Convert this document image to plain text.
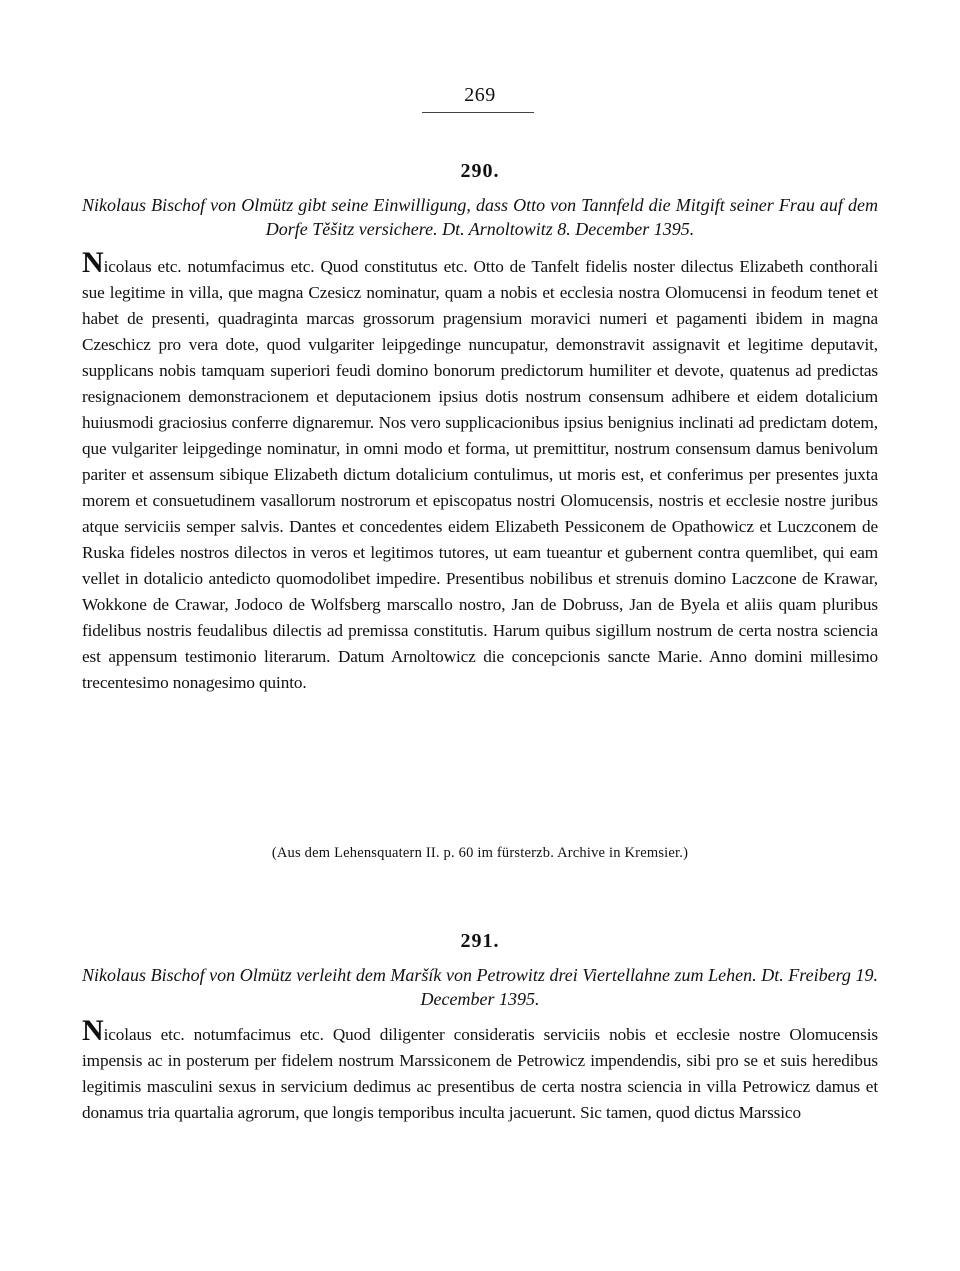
269
290.

Nikolaus Bischof von Olmütz gibt seine Einwilligung, dass Otto von Tannfeld die Mitgift seiner Frau auf dem Dorfe Těšitz versichere. Dt. Arnoltowitz 8. December 1395.

Nicolaus etc. notumfacimus etc. Quod constitutus etc. Otto de Tanfelt fidelis noster dilectus Elizabeth conthorali sue legitime in villa, que magna Czesicz nominatur, quam a nobis et ecclesia nostra Olomucensi in feodum tenet et habet de presenti, quadraginta marcas grossorum pragensium moravici numeri et pagamenti ibidem in magna Czeschicz pro vera dote, quod vulgariter leipgedinge nuncupatur, demonstravit assignavit et legitime deputavit, supplicans nobis tamquam superiori feudi domino bonorum predictorum humiliter et devote, quatenus ad predictas resignacionem demonstracionem et deputacionem ipsius dotis nostrum consensum adhibere et eidem dotalicium huiusmodi graciosius conferre dignaremur. Nos vero supplicacionibus ipsius benignius inclinati ad predictam dotem, que vulgariter leipgedinge nominatur, in omni modo et forma, ut premittitur, nostrum consensum damus benivolum pariter et assensum sibique Elizabeth dictum dotalicium contulimus, ut moris est, et conferimus per presentes juxta morem et consuetudinem vasallorum nostrorum et episcopatus nostri Olomucensis, nostris et ecclesie nostre juribus atque serviciis semper salvis. Dantes et concedentes eidem Elizabeth Pessiconem de Opathowicz et Luczconem de Ruska fideles nostros dilectos in veros et legitimos tutores, ut eam tueantur et gubernent contra quemlibet, qui eam vellet in dotalicio antedicto quomodolibet impedire. Presentibus nobilibus et strenuis domino Laczcone de Krawar, Wokkone de Crawar, Jodoco de Wolfsberg marscallo nostro, Jan de Dobruss, Jan de Byela et aliis quam pluribus fidelibus nostris feudalibus dilectis ad premissa constitutis. Harum quibus sigillum nostrum de certa nostra sciencia est appensum testimonio literarum. Datum Arnoltowicz die concepcionis sancte Marie. Anno domini millesimo trecentesimo nonagesimo quinto.

(Aus dem Lehensquatern II. p. 60 im fürsterzb. Archive in Kremsier.)
291.

Nikolaus Bischof von Olmütz verleiht dem Maršík von Petrowitz drei Viertellahne zum Lehen. Dt. Freiberg 19. December 1395.

Nicolaus etc. notumfacimus etc. Quod diligenter consideratis serviciis nobis et ecclesie nostre Olomucensis impensis ac in posterum per fidelem nostrum Marssiconem de Petrowicz impendendis, sibi pro se et suis heredibus legitimis masculini sexus in servicium dedimus ac presentibus de certa nostra sciencia in villa Petrowicz damus et donamus tria quartalia agrorum, que longis temporibus inculta jacuerunt. Sic tamen, quod dictus Marssico
